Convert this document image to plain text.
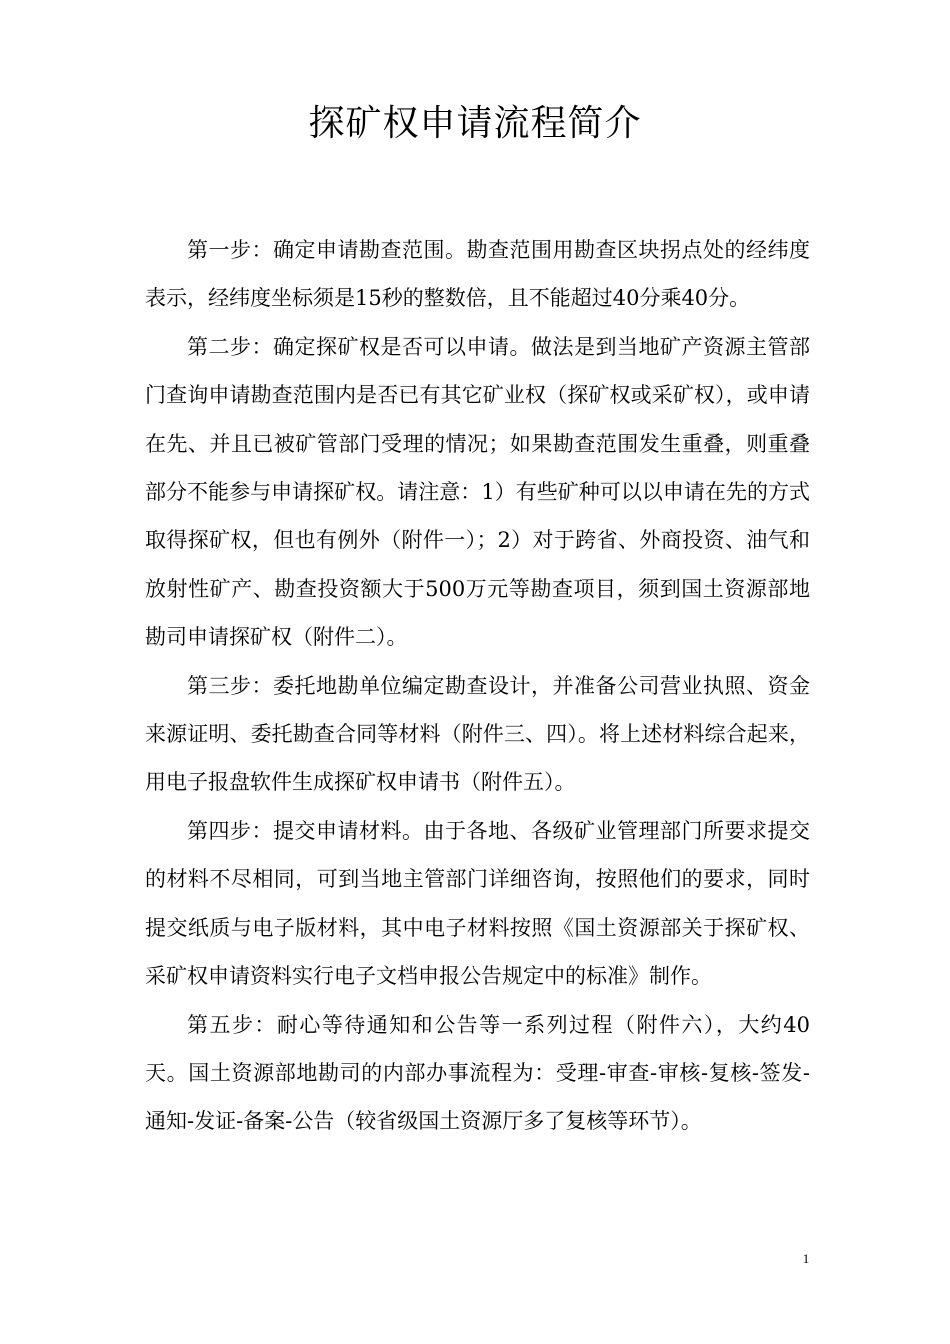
探矿权申请流程简介

第一步：确定申请勘查范围。勘查范围用勘查区块拐点处的经纬度表示，经纬度坐标须是15秒的整数倍，且不能超过40分乘40分。

第二步：确定探矿权是否可以申请。做法是到当地矿产资源主管部门查询申请勘查范围内是否已有其它矿业权（探矿权或采矿权），或申请在先、并且已被矿管部门受理的情况；如果勘查范围发生重叠，则重叠部分不能参与申请探矿权。请注意：1）有些矿种可以以申请在先的方式取得探矿权，但也有例外（附件一）；2）对于跨省、外商投资、油气和放射性矿产、勘查投资额大于500万元等勘查项目，须到国土资源部地勘司申请探矿权（附件二）。

第三步：委托地勘单位编定勘查设计，并准备公司营业执照、资金来源证明、委托勘查合同等材料（附件三、四）。将上述材料综合起来，用电子报盘软件生成探矿权申请书（附件五）。

第四步：提交申请材料。由于各地、各级矿业管理部门所要求提交的材料不尽相同，可到当地主管部门详细咨询，按照他们的要求，同时提交纸质与电子版材料，其中电子材料按照《国土资源部关于探矿权、采矿权申请资料实行电子文档申报公告规定中的标准》制作。

第五步：耐心等待通知和公告等一系列过程（附件六），大约40天。国土资源部地勘司的内部办事流程为：受理-审查-审核-复核-签发-通知-发证-备案-公告（较省级国土资源厅多了复核等环节）。

1
